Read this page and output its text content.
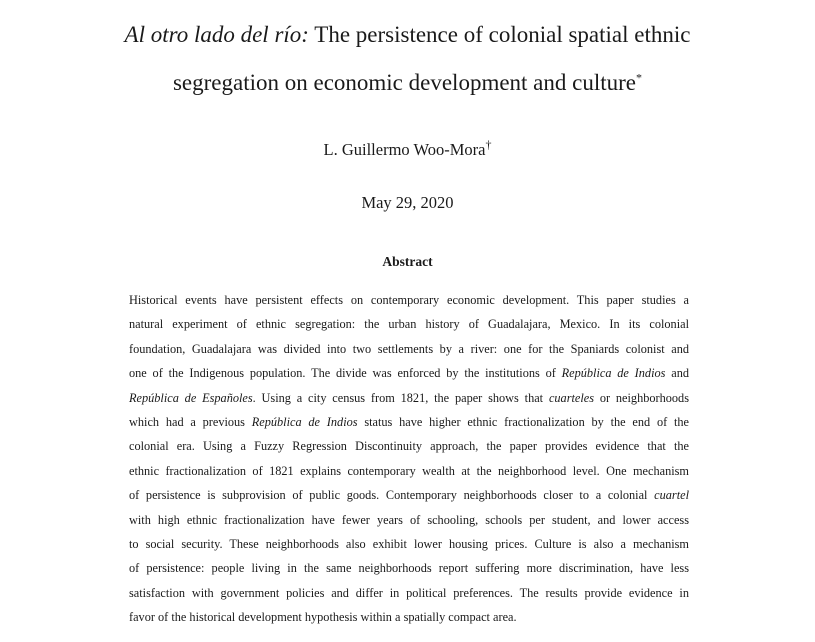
Al otro lado del río: The persistence of colonial spatial ethnic
segregation on economic development and culture*

L. Guillermo Woo-Mora†

May 29, 2020

Abstract
Historical events have persistent effects on contemporary economic development. This paper studies a
natural experiment of ethnic segregation: the urban history of Guadalajara, Mexico. In its colonial
foundation, Guadalajara was divided into two settlements by a river: one for the Spaniards colonist and
one of the Indigenous population. The divide was enforced by the institutions of República de Indios and
República de Españoles. Using a city census from 1821, the paper shows that cuarteles or neighborhoods
which had a previous República de Indios status have higher ethnic fractionalization by the end of the
colonial era. Using a Fuzzy Regression Discontinuity approach, the paper provides evidence that the
ethnic fractionalization of 1821 explains contemporary wealth at the neighborhood level. One mechanism
of persistence is subprovision of public goods. Contemporary neighborhoods closer to a colonial cuartel
with high ethnic fractionalization have fewer years of schooling, schools per student, and lower access
to social security. These neighborhoods also exhibit lower housing prices. Culture is also a mechanism
of persistence: people living in the same neighborhoods report suffering more discrimination, have less
satisfaction with government policies and differ in political preferences. The results provide evidence in
favor of the historical development hypothesis within a spatially compact area.
